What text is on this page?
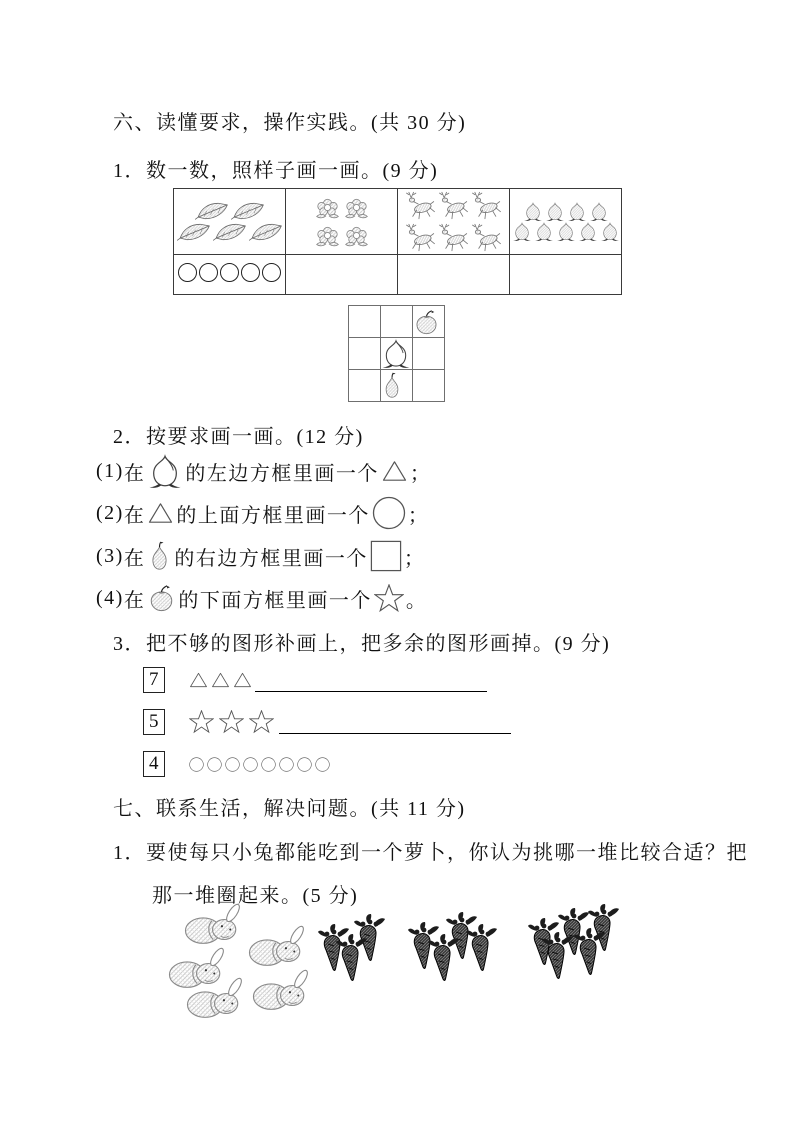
六、读懂要求，操作实践。(共 30 分)
1．数一数，照样子画一画。(9 分)

2．按要求画一画。(12 分)
(1) 在 的左边方框里画一个 ；
(2) 在 的上面方框里画一个 ；
(3) 在 的右边方框里画一个 ；
(4) 在 的下面方框里画一个 。
3．把不够的图形补画上，把多余的图形画掉。(9 分)
7
5
4
七、联系生活，解决问题。(共 11 分)
1．要使每只小兔都能吃到一个萝卜，你认为挑哪一堆比较合适？把
那一堆圈起来。(5 分)
